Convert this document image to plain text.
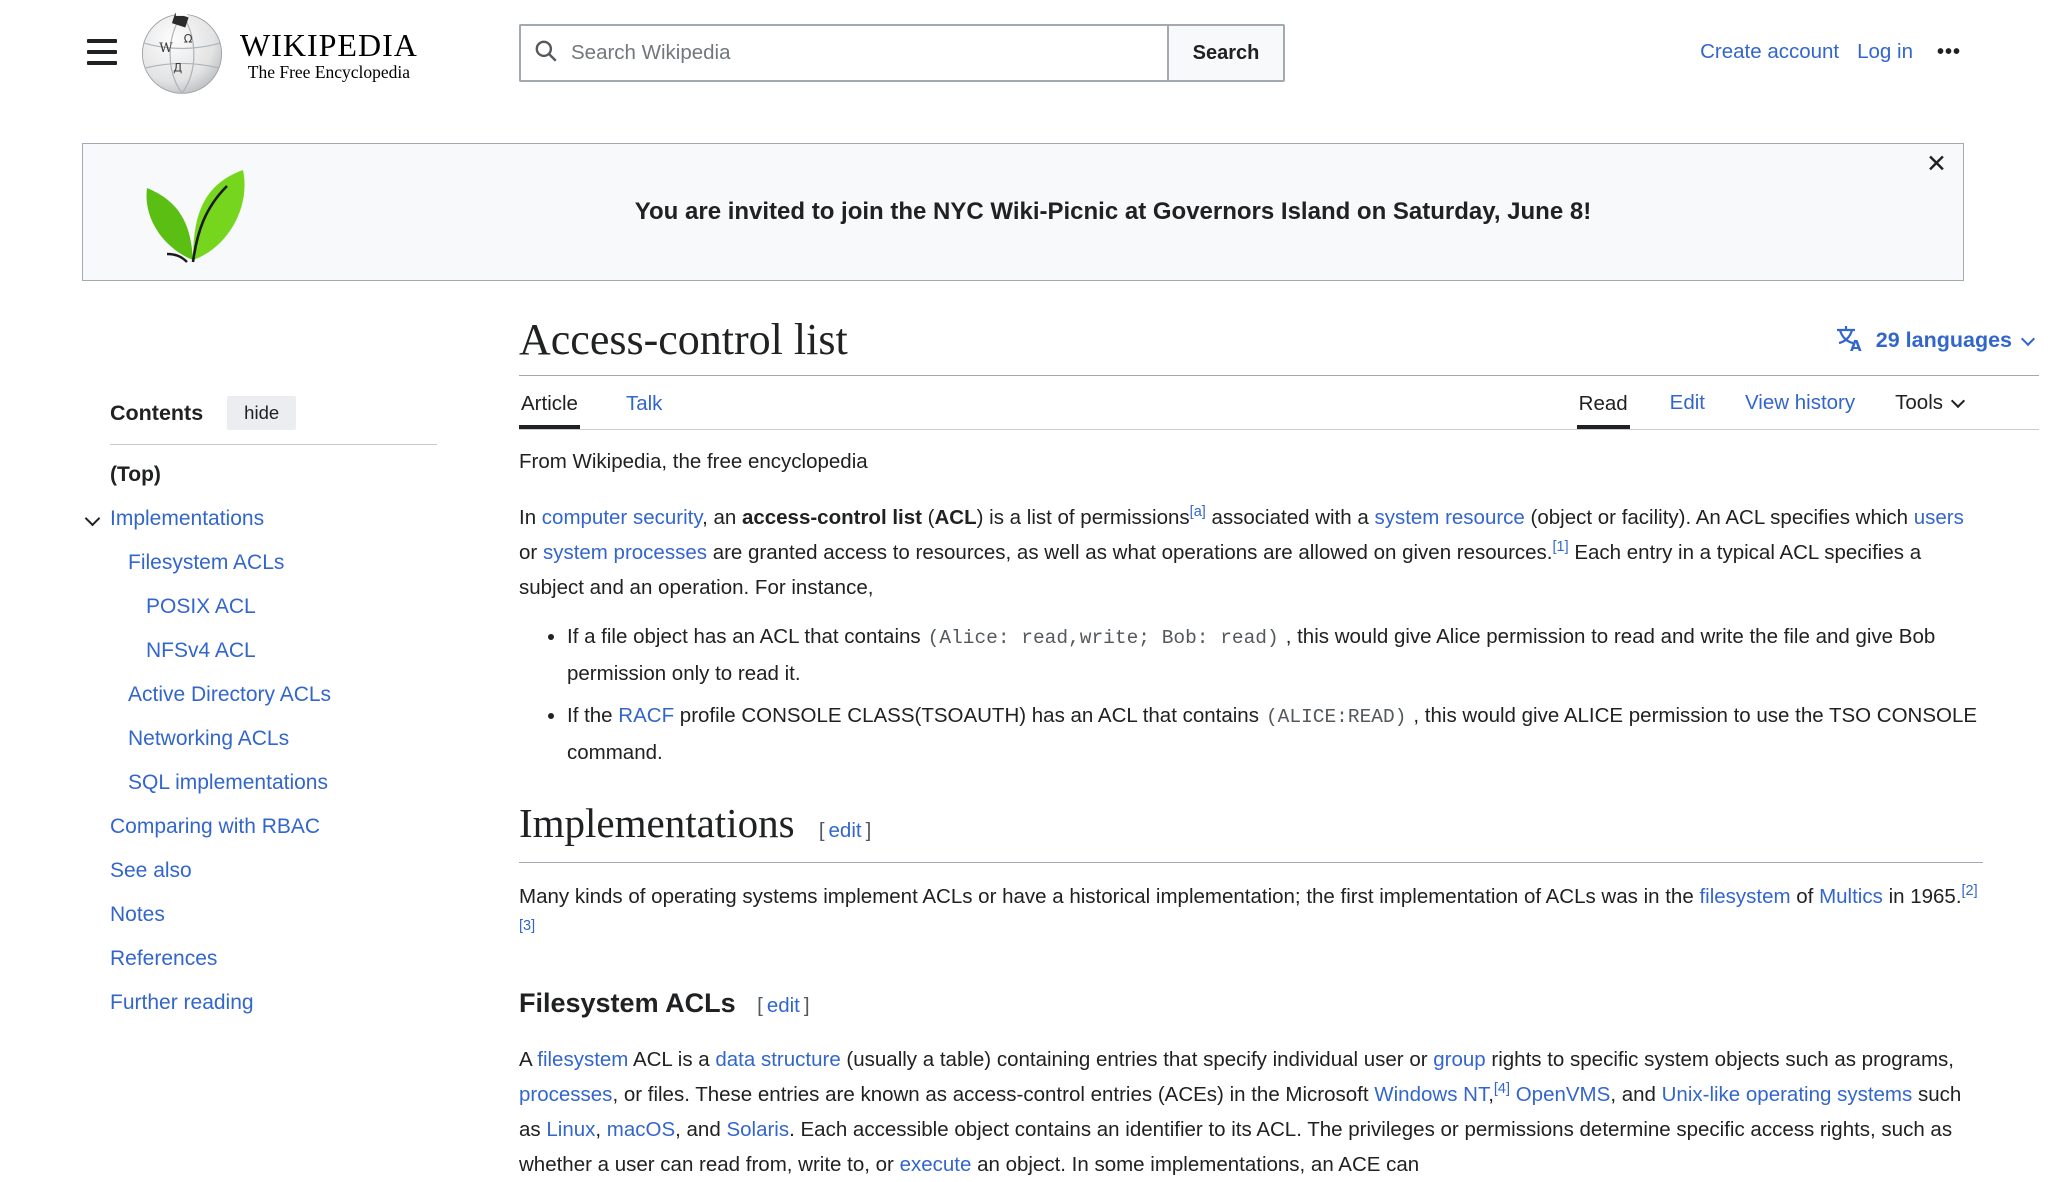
W
Ω
Д
WIKIPEDIA
The Free Encyclopedia
Search Wikipedia
Search	Create account Log in •••
You are invited to join the NYC Wiki-Picnic at Governors Island on Saturday, June 8!
✕
Contents	hide
(Top)
Implementations
Filesystem ACLs
POSIX ACL
NFSv4 ACL
Active Directory ACLs
Networking ACLs
SQL implementations
Comparing with RBAC
See also
Notes
References
Further reading
Access-control list	A 29 languages
Article Talk	Read Edit View history Tools
From Wikipedia, the free encyclopedia

In computer security, an access-control list (ACL) is a list of permissions[a] associated with a system resource (object or facility). An ACL specifies which users or system processes are granted access to resources, as well as what operations are allowed on given resources.[1] Each entry in a typical ACL specifies a subject and an operation. For instance,

• If a file object has an ACL that contains (Alice: read,write; Bob: read) , this would give Alice permission to read and write the file and give Bob permission only to read it.
• If the RACF profile CONSOLE CLASS(TSOAUTH) has an ACL that contains (ALICE:READ) , this would give ALICE permission to use the TSO CONSOLE command.
Implementations [ edit ]

Many kinds of operating systems implement ACLs or have a historical implementation; the first implementation of ACLs was in the filesystem of Multics in 1965.[2][3]

Filesystem ACLs [ edit ]

A filesystem ACL is a data structure (usually a table) containing entries that specify individual user or group rights to specific system objects such as programs, processes, or files. These entries are known as access-control entries (ACEs) in the Microsoft Windows NT,[4] OpenVMS, and Unix-like operating systems such as Linux, macOS, and Solaris. Each accessible object contains an identifier to its ACL. The privileges or permissions determine specific access rights, such as whether a user can read from, write to, or execute an object. In some implementations, an ACE can
